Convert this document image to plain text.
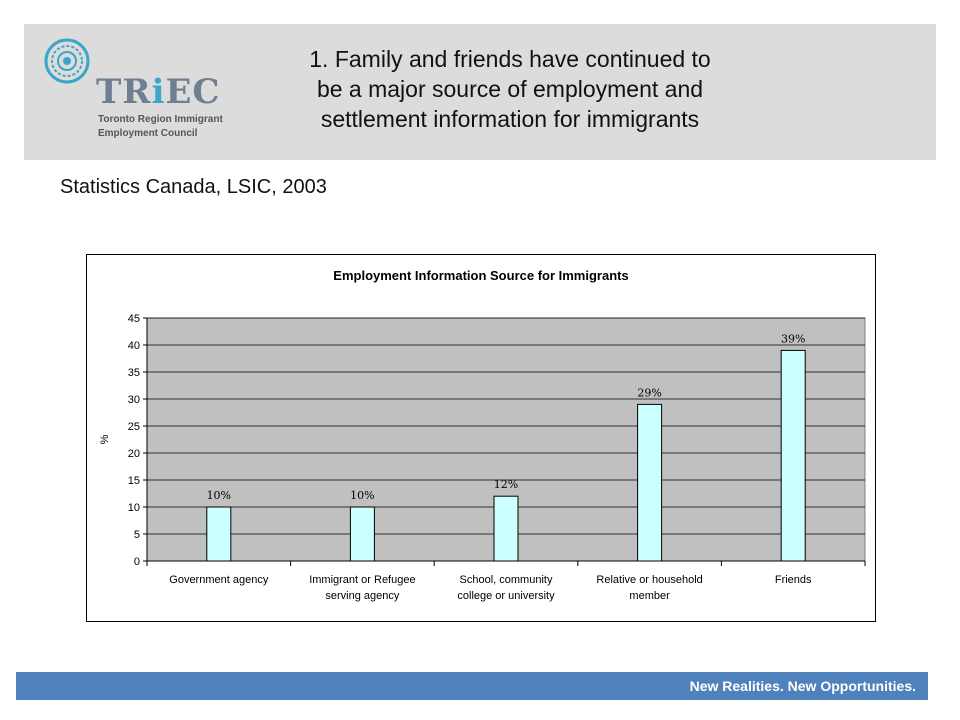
TRiEC
Toronto Region Immigrant
Employment Council
1. Family and friends have continued to be a major source of employment and settlement information for immigrants
Statistics Canada, LSIC, 2003
Employment Information Source for Immigrants
0
5
10
15
20
25
30
35
40
45
%
10%
Government agency
10%
Immigrant or Refugee
serving agency
12%
School, community
college or university
29%
Relative or household
member
39%
Friends
New Realities. New Opportunities.
